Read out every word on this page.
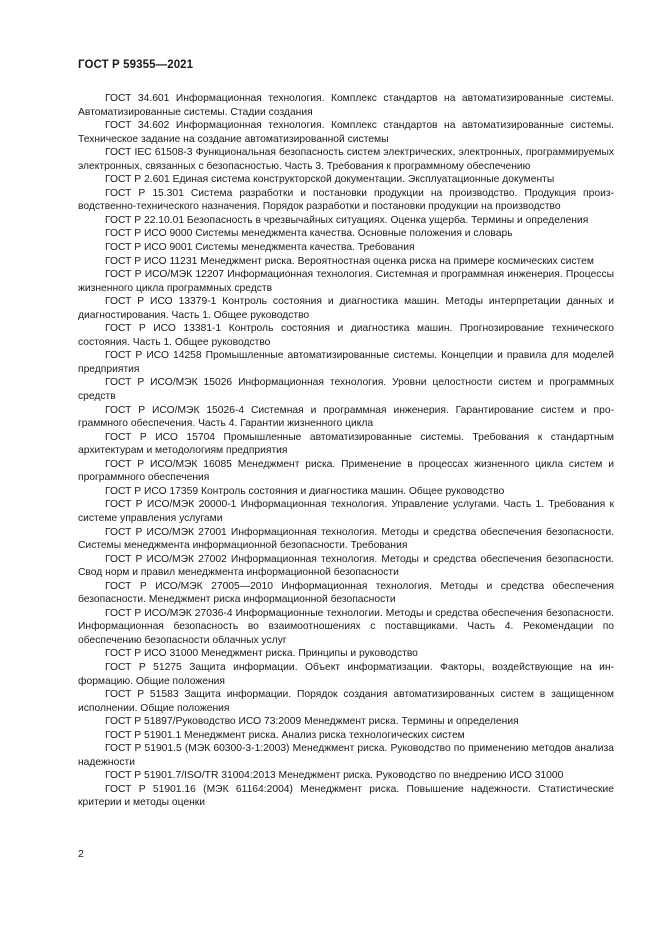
ГОСТ Р 59355—2021

ГОСТ 34.601 Информационная технология. Комплекс стандартов на автоматизированные системы. Автоматизированные системы. Стадии создания

ГОСТ 34.602 Информационная технология. Комплекс стандартов на автоматизированные системы. Техническое задание на создание автоматизированной системы

ГОСТ IEC 61508-3 Функциональная безопасность систем электрических, электронных, программируемых электронных, связанных с безопасностью. Часть 3. Требования к программному обеспечению

ГОСТ Р 2.601 Единая система конструкторской документации. Эксплуатационные документы

ГОСТ Р 15.301 Система разработки и постановки продукции на производство. Продукция производственно-технического назначения. Порядок разработки и постановки продукции на производство

ГОСТ Р 22.10.01 Безопасность в чрезвычайных ситуациях. Оценка ущерба. Термины и определения

ГОСТ Р ИСО 9000 Системы менеджмента качества. Основные положения и словарь

ГОСТ Р ИСО 9001 Системы менеджмента качества. Требования

ГОСТ Р ИСО 11231 Менеджмент риска. Вероятностная оценка риска на примере космических систем

ГОСТ Р ИСО/МЭК 12207 Информационная технология. Системная и программная инженерия. Процессы жизненного цикла программных средств

ГОСТ Р ИСО 13379-1 Контроль состояния и диагностика машин. Методы интерпретации данных и диагностирования. Часть 1. Общее руководство

ГОСТ Р ИСО 13381-1 Контроль состояния и диагностика машин. Прогнозирование технического состояния. Часть 1. Общее руководство

ГОСТ Р ИСО 14258 Промышленные автоматизированные системы. Концепции и правила для моделей предприятия

ГОСТ Р ИСО/МЭК 15026 Информационная технология. Уровни целостности систем и программных средств

ГОСТ Р ИСО/МЭК 15026-4 Системная и программная инженерия. Гарантирование систем и программного обеспечения. Часть 4. Гарантии жизненного цикла

ГОСТ Р ИСО 15704 Промышленные автоматизированные системы. Требования к стандартным архитектурам и методологиям предприятия

ГОСТ Р ИСО/МЭК 16085 Менеджмент риска. Применение в процессах жизненного цикла систем и программного обеспечения

ГОСТ Р ИСО 17359 Контроль состояния и диагностика машин. Общее руководство

ГОСТ Р ИСО/МЭК 20000-1 Информационная технология. Управление услугами. Часть 1. Требования к системе управления услугами

ГОСТ Р ИСО/МЭК 27001 Информационная технология. Методы и средства обеспечения безопасности. Системы менеджмента информационной безопасности. Требования

ГОСТ Р ИСО/МЭК 27002 Информационная технология. Методы и средства обеспечения безопасности. Свод норм и правил менеджмента информационной безопасности

ГОСТ Р ИСО/МЭК 27005—2010 Информационная технология. Методы и средства обеспечения безопасности. Менеджмент риска информационной безопасности

ГОСТ Р ИСО/МЭК 27036-4 Информационные технологии. Методы и средства обеспечения безопасности. Информационная безопасность во взаимоотношениях с поставщиками. Часть 4. Рекомендации по обеспечению безопасности облачных услуг

ГОСТ Р ИСО 31000 Менеджмент риска. Принципы и руководство

ГОСТ Р 51275 Защита информации. Объект информатизации. Факторы, воздействующие на информацию. Общие положения

ГОСТ Р 51583 Защита информации. Порядок создания автоматизированных систем в защищенном исполнении. Общие положения

ГОСТ Р 51897/Руководство ИСО 73:2009 Менеджмент риска. Термины и определения

ГОСТ Р 51901.1 Менеджмент риска. Анализ риска технологических систем

ГОСТ Р 51901.5 (МЭК 60300-3-1:2003) Менеджмент риска. Руководство по применению методов анализа надежности

ГОСТ Р 51901.7/ISO/TR 31004:2013 Менеджмент риска. Руководство по внедрению ИСО 31000

ГОСТ Р 51901.16 (МЭК 61164:2004) Менеджмент риска. Повышение надежности. Статистические критерии и методы оценки

2
